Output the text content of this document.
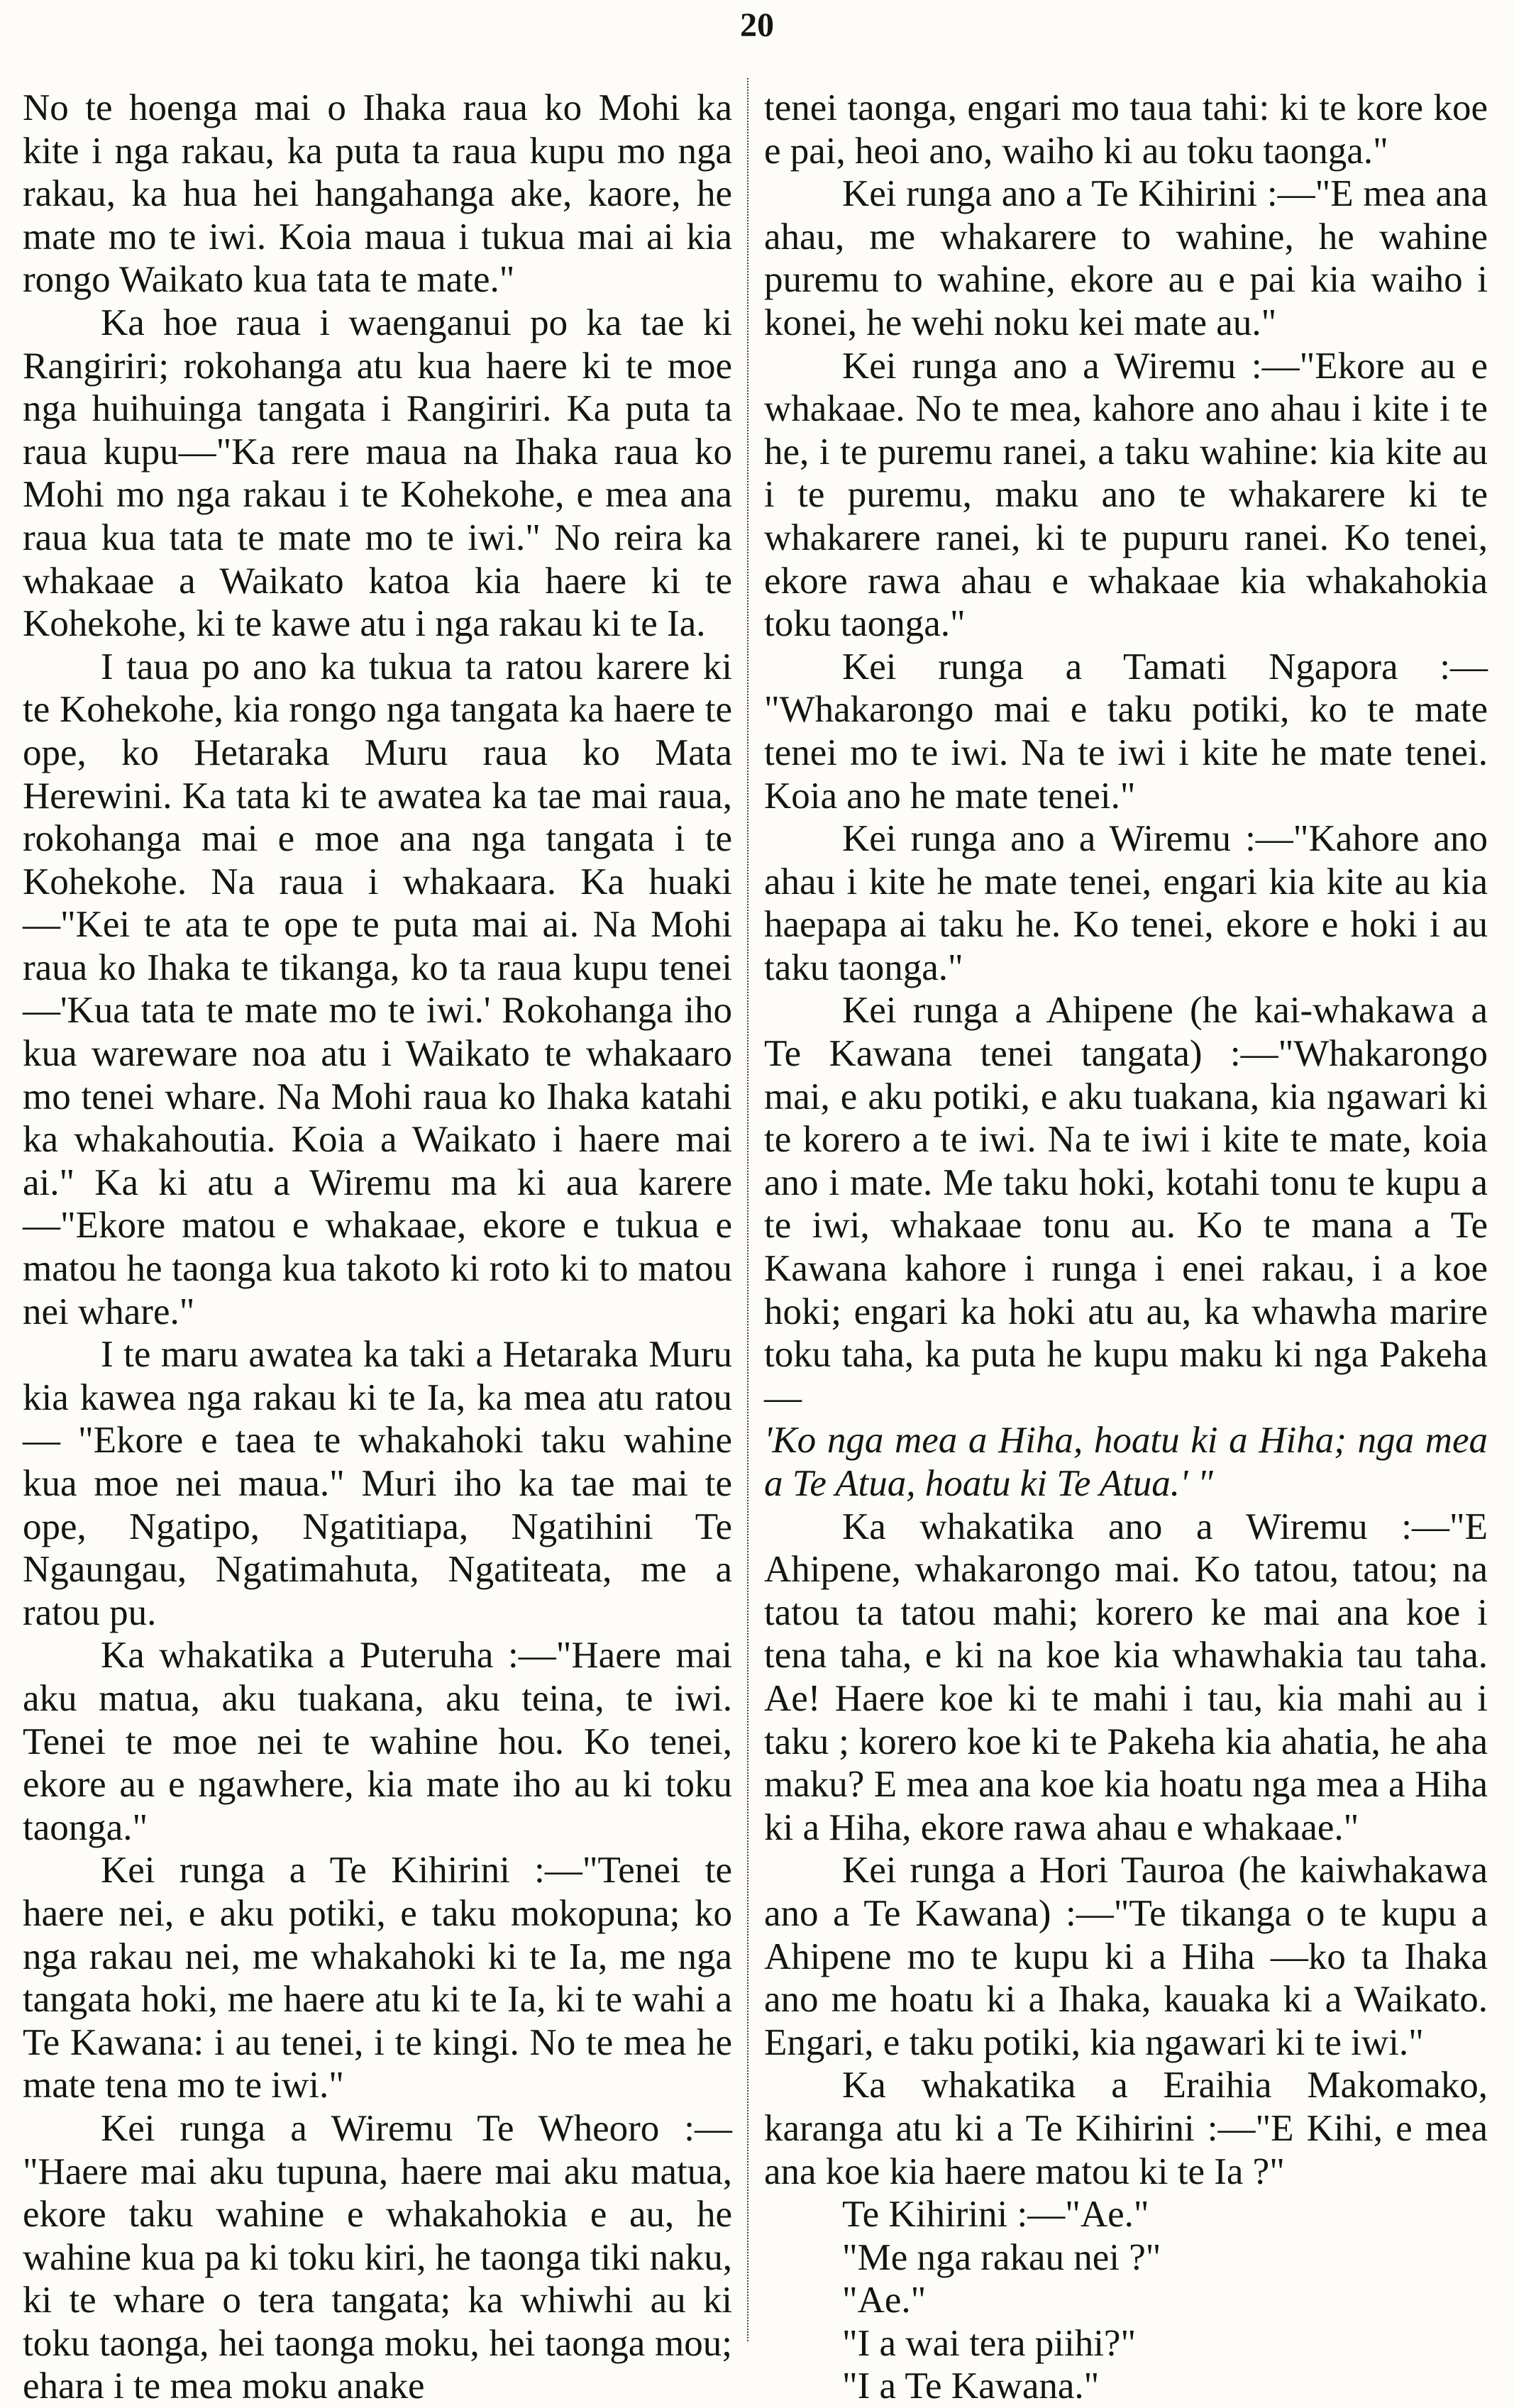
20

No te hoenga mai o Ihaka raua ko Mohi ka kite i nga rakau, ka puta ta raua kupu mo nga rakau, ka hua hei hangahanga ake, kaore, he mate mo te iwi. Koia maua i tukua mai ai kia rongo Waikato kua tata te mate."

Ka hoe raua i waenganui po ka tae ki Rangiriri; rokohanga atu kua haere ki te moe nga huihuinga tangata i Rangiriri. Ka puta ta raua kupu—"Ka rere maua na Ihaka raua ko Mohi mo nga rakau i te Kohekohe, e mea ana raua kua tata te mate mo te iwi." No reira ka whakaae a Waikato katoa kia haere ki te Kohekohe, ki te kawe atu i nga rakau ki te Ia.

I taua po ano ka tukua ta ratou karere ki te Kohekohe, kia rongo nga tangata ka haere te ope, ko Hetaraka Muru raua ko Mata Herewini. Ka tata ki te awatea ka tae mai raua, rokohanga mai e moe ana nga tangata i te Kohekohe. Na raua i whakaara. Ka huaki —"Kei te ata te ope te puta mai ai. Na Mohi raua ko Ihaka te tikanga, ko ta raua kupu tenei—'Kua tata te mate mo te iwi.' Rokohanga iho kua wareware noa atu i Waikato te whakaaro mo tenei whare. Na Mohi raua ko Ihaka katahi ka whakahoutia. Koia a Waikato i haere mai ai." Ka ki atu a Wiremu ma ki aua karere—"Ekore matou e whakaae, ekore e tukua e matou he taonga kua takoto ki roto ki to matou nei whare."

I te maru awatea ka taki a Hetaraka Muru kia kawea nga rakau ki te Ia, ka mea atu ratou — "Ekore e taea te whakahoki taku wahine kua moe nei maua." Muri iho ka tae mai te ope, Ngatipo, Ngatitiapa, Ngatihini Te Ngaungau, Ngatimahuta, Ngatiteata, me a ratou pu.

Ka whakatika a Puteruha :—"Haere mai aku matua, aku tuakana, aku teina, te iwi. Tenei te moe nei te wahine hou. Ko tenei, ekore au e ngawhere, kia mate iho au ki toku taonga."

Kei runga a Te Kihirini :—"Tenei te haere nei, e aku potiki, e taku mokopuna; ko nga rakau nei, me whakahoki ki te Ia, me nga tangata hoki, me haere atu ki te Ia, ki te wahi a Te Kawana: i au tenei, i te kingi. No te mea he mate tena mo te iwi."

Kei runga a Wiremu Te Wheoro :— "Haere mai aku tupuna, haere mai aku matua, ekore taku wahine e whakahokia e au, he wahine kua pa ki toku kiri, he taonga tiki naku, ki te whare o tera tangata; ka whiwhi au ki toku taonga, hei taonga moku, hei taonga mou; ehara i te mea moku anake

tenei taonga, engari mo taua tahi: ki te kore koe e pai, heoi ano, waiho ki au toku taonga."

Kei runga ano a Te Kihirini :—"E mea ana ahau, me whakarere to wahine, he wahine puremu to wahine, ekore au e pai kia waiho i konei, he wehi noku kei mate au."

Kei runga ano a Wiremu :—"Ekore au e whakaae. No te mea, kahore ano ahau i kite i te he, i te puremu ranei, a taku wahine: kia kite au i te puremu, maku ano te whakarere ki te whakarere ranei, ki te pupuru ranei. Ko tenei, ekore rawa ahau e whakaae kia whakahokia toku taonga."

Kei runga a Tamati Ngapora :— "Whakarongo mai e taku potiki, ko te mate tenei mo te iwi. Na te iwi i kite he mate tenei. Koia ano he mate tenei."

Kei runga ano a Wiremu :—"Kahore ano ahau i kite he mate tenei, engari kia kite au kia haepapa ai taku he. Ko tenei, ekore e hoki i au taku taonga."

Kei runga a Ahipene (he kai-whakawa a Te Kawana tenei tangata) :—"Whakarongo mai, e aku potiki, e aku tuakana, kia ngawari ki te korero a te iwi. Na te iwi i kite te mate, koia ano i mate. Me taku hoki, kotahi tonu te kupu a te iwi, whakaae tonu au. Ko te mana a Te Kawana kahore i runga i enei rakau, i a koe hoki; engari ka hoki atu au, ka whawha marire toku taha, ka puta he kupu maku ki nga Pakeha—

'Ko nga mea a Hiha, hoatu ki a Hiha; nga mea a Te Atua, hoatu ki Te Atua.' "

Ka whakatika ano a Wiremu :—"E Ahipene, whakarongo mai. Ko tatou, tatou; na tatou ta tatou mahi; korero ke mai ana koe i tena taha, e ki na koe kia whawhakia tau taha. Ae! Haere koe ki te mahi i tau, kia mahi au i taku ; korero koe ki te Pakeha kia ahatia, he aha maku? E mea ana koe kia hoatu nga mea a Hiha ki a Hiha, ekore rawa ahau e whakaae."

Kei runga a Hori Tauroa (he kaiwhakawa ano a Te Kawana) :—"Te tikanga o te kupu a Ahipene mo te kupu ki a Hiha —ko ta Ihaka ano me hoatu ki a Ihaka, kauaka ki a Waikato. Engari, e taku potiki, kia ngawari ki te iwi."

Ka whakatika a Eraihia Makomako, karanga atu ki a Te Kihirini :—"E Kihi, e mea ana koe kia haere matou ki te Ia ?"

Te Kihirini :—"Ae."

"Me nga rakau nei ?"

"Ae."

"I a wai tera piihi?"

"I a Te Kawana."
